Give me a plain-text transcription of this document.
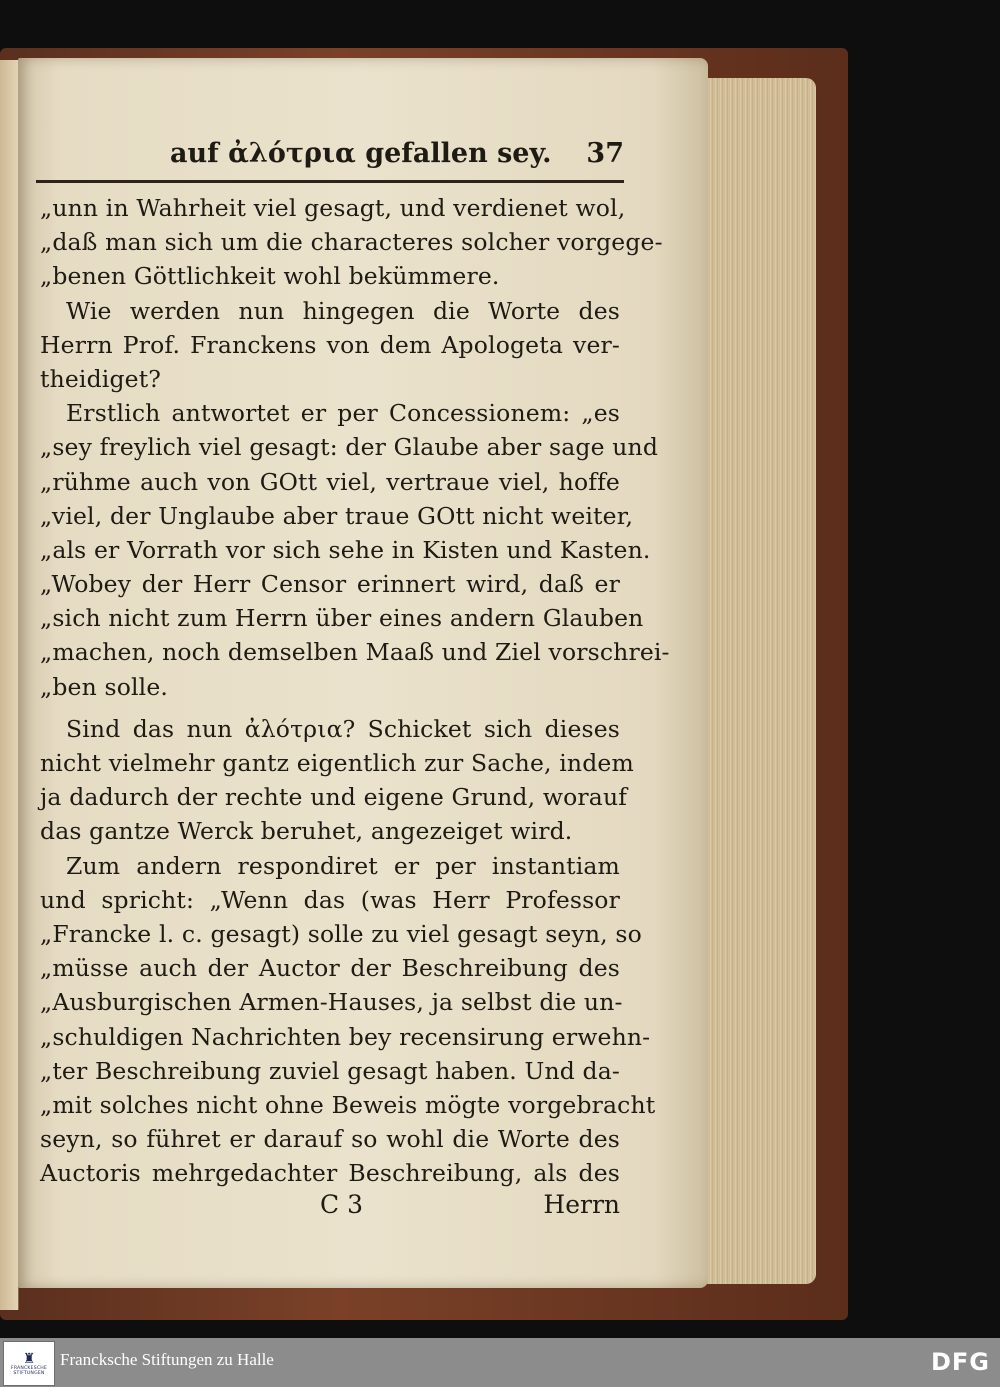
auf ἀλότρια gefallen sey. 37

„unn in Wahrheit viel gesagt, und verdienet wol,

„daß man sich um die characteres solcher vorgege-

„benen Göttlichkeit wohl bekümmere.

Wie werden nun hingegen die Worte des

Herrn Prof. Franckens von dem Apologeta ver-

theidiget?

Erstlich antwortet er per Concessionem: „es

„sey freylich viel gesagt: der Glaube aber sage und

„rühme auch von GOtt viel, vertraue viel, hoffe

„viel, der Unglaube aber traue GOtt nicht weiter,

„als er Vorrath vor sich sehe in Kisten und Kasten.

„Wobey der Herr Censor erinnert wird, daß er

„sich nicht zum Herrn über eines andern Glauben

„machen, noch demselben Maaß und Ziel vorschrei-

„ben solle.

Sind das nun ἀλότρια? Schicket sich dieses

nicht vielmehr gantz eigentlich zur Sache, indem

ja dadurch der rechte und eigene Grund, worauf

das gantze Werck beruhet, angezeiget wird.

Zum andern respondiret er per instantiam

und spricht: „Wenn das (was Herr Professor

„Francke l. c. gesagt) solle zu viel gesagt seyn, so

„müsse auch der Auctor der Beschreibung des

„Ausburgischen Armen-Hauses, ja selbst die un-

„schuldigen Nachrichten bey recensirung erwehn-

„ter Beschreibung zuviel gesagt haben. Und da-

„mit solches nicht ohne Beweis mögte vorgebracht

seyn, so führet er darauf so wohl die Worte des

Auctoris mehrgedachter Beschreibung, als des

C 3	Herrn
♜
FRANCKESCHE STIFTUNGEN
Francksche Stiftungen zu Halle	DFG
